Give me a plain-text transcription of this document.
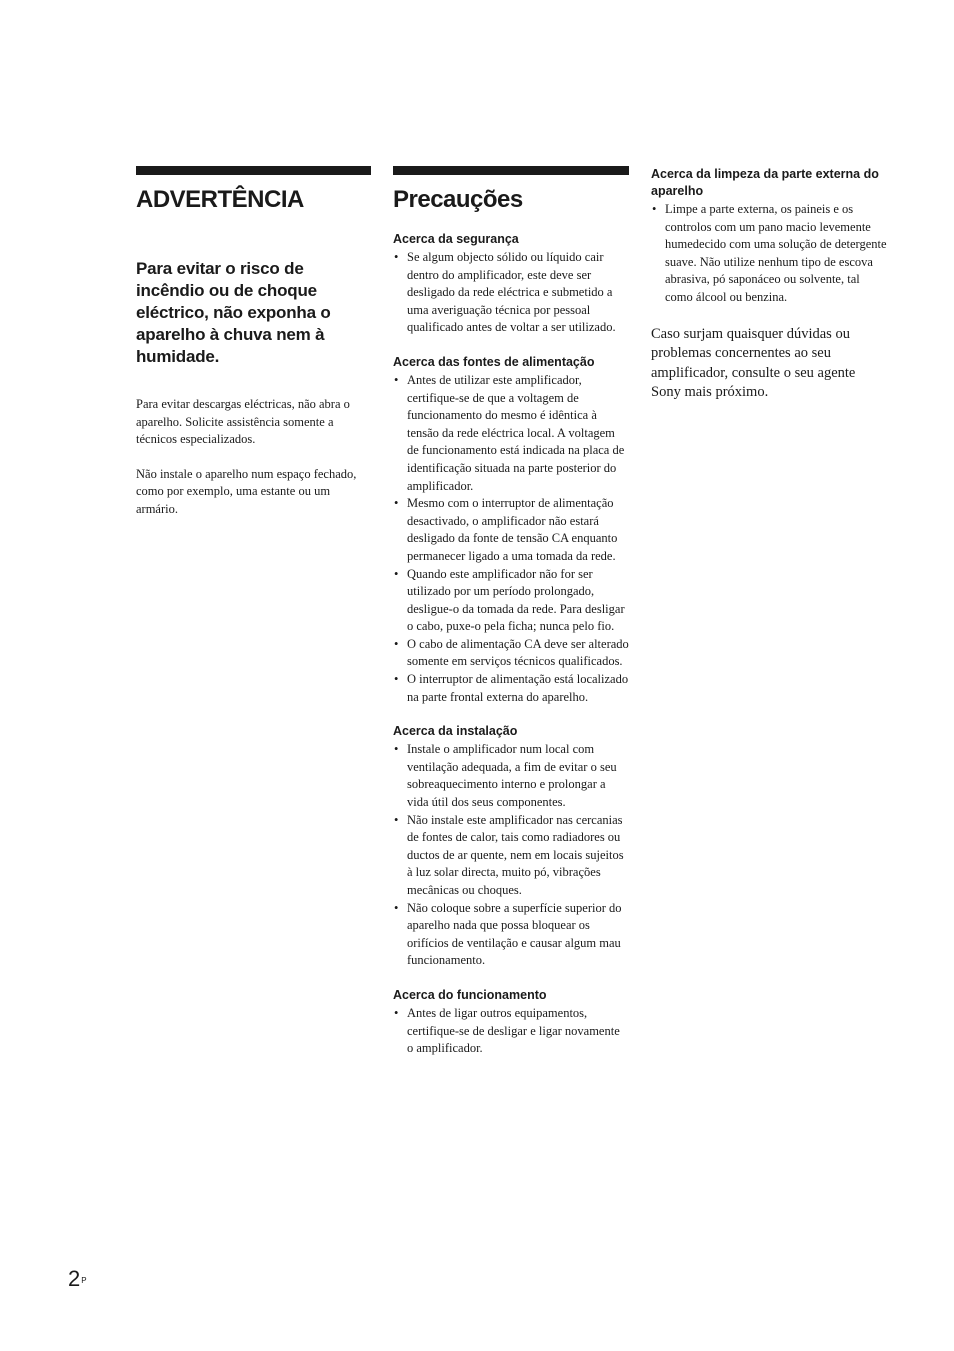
ADVERTÊNCIA

Para evitar o risco de incêndio ou de choque eléctrico, não exponha o aparelho à chuva nem à humidade.

Para evitar descargas eléctricas, não abra o aparelho. Solicite assistência somente a técnicos especializados.

Não instale o aparelho num espaço fechado, como por exemplo, uma estante ou um armário.

Precauções

Acerca da segurança

• Se algum objecto sólido ou líquido cair dentro do amplificador, este deve ser desligado da rede eléctrica e submetido a uma averiguação técnica por pessoal qualificado antes de voltar a ser utilizado.

Acerca das fontes de alimentação

• Antes de utilizar este amplificador, certifique-se de que a voltagem de funcionamento do mesmo é idêntica à tensão da rede eléctrica local. A voltagem de funcionamento está indicada na placa de identificação situada na parte posterior do amplificador.
• Mesmo com o interruptor de alimentação desactivado, o amplificador não estará desligado da fonte de tensão CA enquanto permanecer ligado a uma tomada da rede.
• Quando este amplificador não for ser utilizado por um período prolongado, desligue-o da tomada da rede. Para desligar o cabo, puxe-o pela ficha; nunca pelo fio.
• O cabo de alimentação CA deve ser alterado somente em serviços técnicos qualificados.
• O interruptor de alimentação está localizado na parte frontal externa do aparelho.

Acerca da instalação

• Instale o amplificador num local com ventilação adequada, a fim de evitar o seu sobreaquecimento interno e prolongar a vida útil dos seus componentes.
• Não instale este amplificador nas cercanias de fontes de calor, tais como radiadores ou ductos de ar quente, nem em locais sujeitos à luz solar directa, muito pó, vibrações mecânicas ou choques.
• Não coloque sobre a superfície superior do aparelho nada que possa bloquear os orifícios de ventilação e causar algum mau funcionamento.

Acerca do funcionamento

• Antes de ligar outros equipamentos, certifique-se de desligar e ligar novamente o amplificador.

Acerca da limpeza da parte externa do aparelho

• Limpe a parte externa, os paineis e os controlos com um pano macio levemente humedecido com uma solução de detergente suave. Não utilize nenhum tipo de escova abrasiva, pó saponáceo ou solvente, tal como álcool ou benzina.

Caso surjam quaisquer dúvidas ou problemas concernentes ao seu amplificador, consulte o seu agente Sony mais próximo.

$2^P$
